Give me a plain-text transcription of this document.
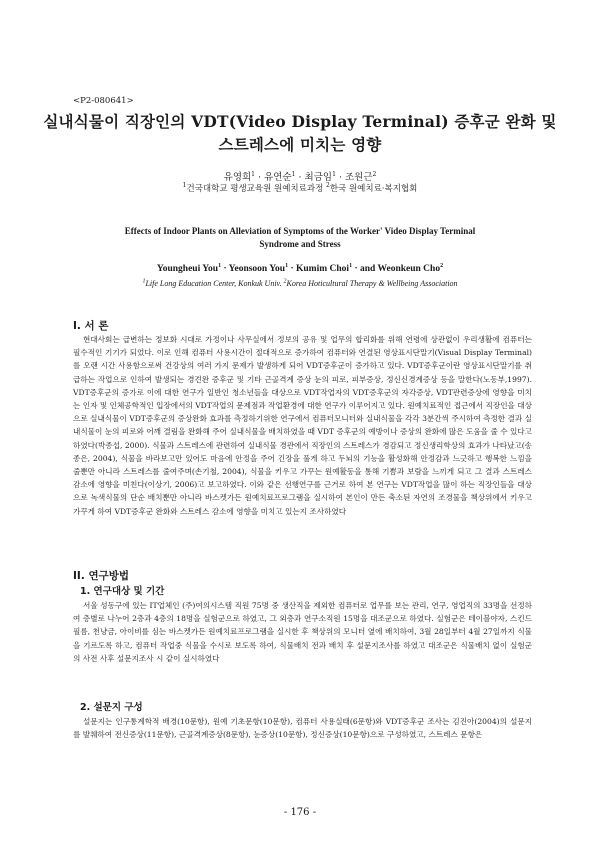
<P2-080641>
실내식물이 직장인의 VDT(Video Display Terminal) 증후군 완화 및
스트레스에 미치는 영향
유영희$^1$ · 유연순$^1$ · 최금임$^1$ · 조원근$^2$
$^1$건국대학교 평생교육원 원예치료과정 $^2$한국 원예치료·복지협회
Effects of Indoor Plants on Alleviation of Symptoms of the Worker' Video Display Terminal
Syndrome and Stress
Youngheui You$^1$ · Yeonsoon You$^1$ · Kumim Choi$^1$ · and Weonkeun Cho$^2$
$^1$Life Long Education Center, Konkuk Univ. $^2$Korea Hoticultural Therapy & Wellbeing Association
I. 서 론
현대사회는 급변하는 정보화 시대로 가정이나 사무실에서 정보의 공유 및 업무의 합리화를 위해 연령에 상관없이 우리생활에 컴퓨터는 필수적인 기기가 되었다. 이로 인해 컴퓨터 사용시간이 절대적으로 증가하여 컴퓨터와 연결된 영상표시단말기(Visual Display Terminal)를 오랜 시간 사용함으로써 건강상의 여러 가지 문제가 발생하게 되어 VDT증후군이 증가하고 있다. VDT증후군이란 영상표시단말기를 취급하는 작업으로 인하여 발생되는 경견완 증후군 및 기타 근골격계 증상 눈의 피로, 피부증상, 정신신경계증상 등을 말한다(노동부,1997). VDT증후군의 증가로 이에 대한 연구가 일반인 청소년들을 대상으로 VDT작업자의 VDT증후군의 자각증상, VDT관련증상에 영향을 미치는 인자 및 인체공학적인 입장에서의 VDT작업의 문제점과 작업환경에 대한 연구가 이루어지고 있다. 원예치료적인 접근에서 직장인을 대상으로 실내식물이 VDT증후군의 증상완화 효과를 측정하기위한 연구에서 컴퓨터모니터와 실내식물을 각각 3분간씩 주시하여 측정한 결과 실내식물이 눈의 피로와 어깨 결림을 완화해 주어 실내식물을 배치하였을 때 VDT 증후군의 예방이나 증상의 완화에 많은 도움을 줄 수 있다고 하였다(박종섭, 2000). 식물과 스트레스에 관련하여 실내식물 경관에서 직장인의 스트레스가 경감되고 정신생리학상의 효과가 나타났고(송종은, 2004), 식물을 바라보고만 있어도 마음에 안정을 주어 긴장을 풀게 하고 두뇌의 기능을 활성화해 안정감과 느긋하고 행복한 느낌을 줄뿐만 아니라 스트레스를 줄여주며(손기철, 2004), 식물을 키우고 가꾸는 원예활동을 통해 기쁨과 보람을 느끼게 되고 그 결과 스트레스 감소에 영향을 미친다(이상기, 2006)고 보고하였다. 이와 같은 선행연구를 근거로 하여 본 연구는 VDT작업을 많이 하는 직장인들을 대상으로 녹색식물의 단순 배치뿐만 아니라 바스켓가든 원예치료프로그램을 실시하여 본인이 만든 축소된 자연의 조경물을 책상위에서 키우고 가꾸게 하여 VDT증후군 완화와 스트레스 감소에 영향을 미치고 있는지 조사하였다
II. 연구방법
1. 연구대상 및 기간
서울 성동구에 있는 IT업체인 (주)여의시스템 직원 75명 중 생산직을 제외한 컴퓨터로 업무를 보는 관리, 연구, 영업직의 33명을 선정하여 층별로 나누어 2층과 4층의 18명을 실험군으로 하였고, 그 외층과 연구소직원 15명을 대조군으로 하였다. 실험군은 테이블야자, 스킨드필름, 천냥금, 아이비를 심는 바스켓가든 원예치료프로그램을 실시한 후 책상위의 모니터 옆에 배치하여, 3월 28일부터 4월 27일까지 식물을 기르도록 하고, 컴퓨터 작업중 식물을 수시로 보도록 하여, 식물배치 전과 배치 후 설문지조사를 하였고 대조군은 식물배치 없이 실험군의 사전 사후 설문지조사 시 같이 실시하였다
2. 설문지 구성
설문지는 인구통계학적 배경(10문항), 원예 기초문항(10문항), 컴퓨터 사용실태(6문항)와 VDT증후군 조사는 김진아(2004)의 설문지를 발췌하여 전신증상(11문항), 근골격계증상(8문항), 눈증상(10문항), 정신증상(10문항)으로 구성하였고, 스트레스 문항은
- 176 -
